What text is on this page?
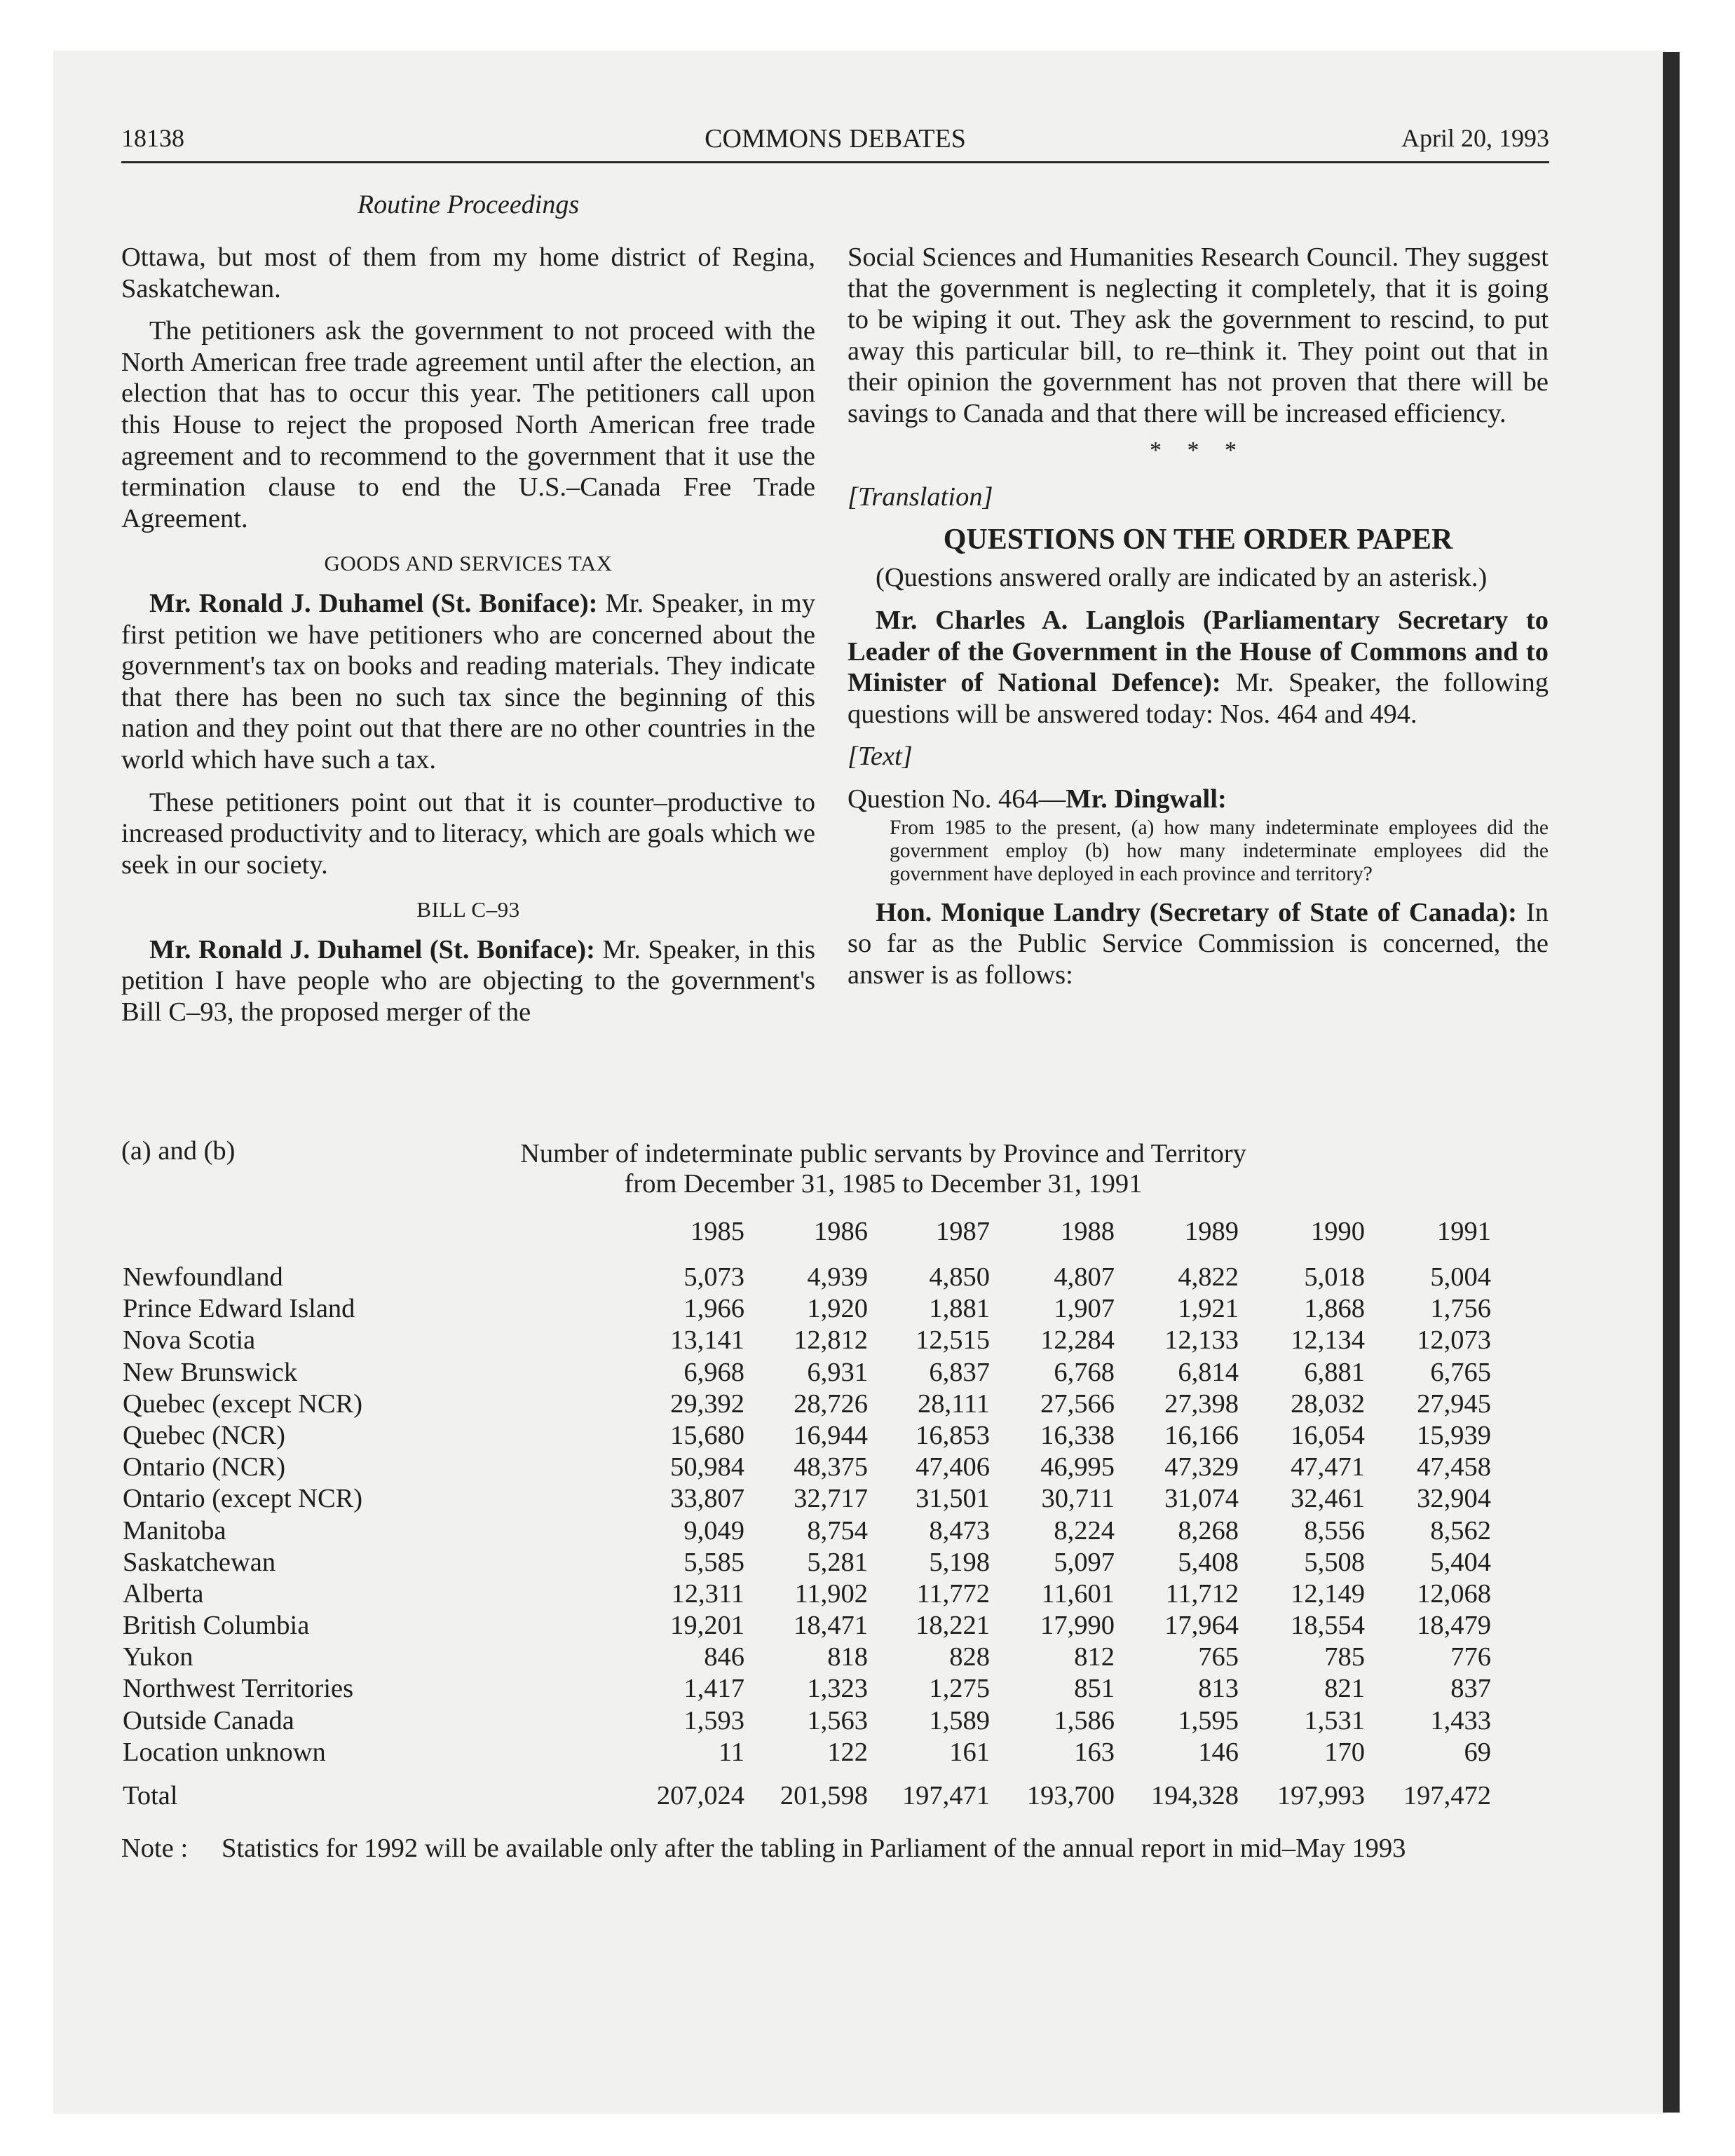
18138	COMMONS DEBATES	April 20, 1993
Routine Proceedings

Ottawa, but most of them from my home district of Regina, Saskatchewan.

The petitioners ask the government to not proceed with the North American free trade agreement until after the election, an election that has to occur this year. The petitioners call upon this House to reject the proposed North American free trade agreement and to recommend to the government that it use the termination clause to end the U.S.–Canada Free Trade Agreement.

GOODS AND SERVICES TAX

Mr. Ronald J. Duhamel (St. Boniface): Mr. Speaker, in my first petition we have petitioners who are concerned about the government's tax on books and reading materials. They indicate that there has been no such tax since the beginning of this nation and they point out that there are no other countries in the world which have such a tax.

These petitioners point out that it is counter–productive to increased productivity and to literacy, which are goals which we seek in our society.

BILL C–93

Mr. Ronald J. Duhamel (St. Boniface): Mr. Speaker, in this petition I have people who are objecting to the government's Bill C–93, the proposed merger of the

Social Sciences and Humanities Research Council. They suggest that the government is neglecting it completely, that it is going to be wiping it out. They ask the government to rescind, to put away this particular bill, to re–think it. They point out that in their opinion the government has not proven that there will be savings to Canada and that there will be increased efficiency.

* * *

[Translation]

QUESTIONS ON THE ORDER PAPER

(Questions answered orally are indicated by an asterisk.)

Mr. Charles A. Langlois (Parliamentary Secretary to Leader of the Government in the House of Commons and to Minister of National Defence): Mr. Speaker, the following questions will be answered today: Nos. 464 and 494.

[Text]

Question No. 464—Mr. Dingwall:

From 1985 to the present, (a) how many indeterminate employees did the government employ (b) how many indeterminate employees did the government have deployed in each province and territory?

Hon. Monique Landry (Secretary of State of Canada): In so far as the Public Service Commission is concerned, the answer is as follows:

(a) and (b)	Number of indeterminate public servants by Province and Territory
from December 31, 1985 to December 31, 1991
1985	1986	1987	1988	1989	1990	1991
Newfoundland	5,073	4,939	4,850	4,807	4,822	5,018	5,004
Prince Edward Island	1,966	1,920	1,881	1,907	1,921	1,868	1,756
Nova Scotia	13,141	12,812	12,515	12,284	12,133	12,134	12,073
New Brunswick	6,968	6,931	6,837	6,768	6,814	6,881	6,765
Quebec (except NCR)	29,392	28,726	28,111	27,566	27,398	28,032	27,945
Quebec (NCR)	15,680	16,944	16,853	16,338	16,166	16,054	15,939
Ontario (NCR)	50,984	48,375	47,406	46,995	47,329	47,471	47,458
Ontario (except NCR)	33,807	32,717	31,501	30,711	31,074	32,461	32,904
Manitoba	9,049	8,754	8,473	8,224	8,268	8,556	8,562
Saskatchewan	5,585	5,281	5,198	5,097	5,408	5,508	5,404
Alberta	12,311	11,902	11,772	11,601	11,712	12,149	12,068
British Columbia	19,201	18,471	18,221	17,990	17,964	18,554	18,479
Yukon	846	818	828	812	765	785	776
Northwest Territories	1,417	1,323	1,275	851	813	821	837
Outside Canada	1,593	1,563	1,589	1,586	1,595	1,531	1,433
Location unknown	11	122	161	163	146	170	69
Total	207,024	201,598	197,471	193,700	194,328	197,993	197,472
Note : Statistics for 1992 will be available only after the tabling in Parliament of the annual report in mid–May 1993
